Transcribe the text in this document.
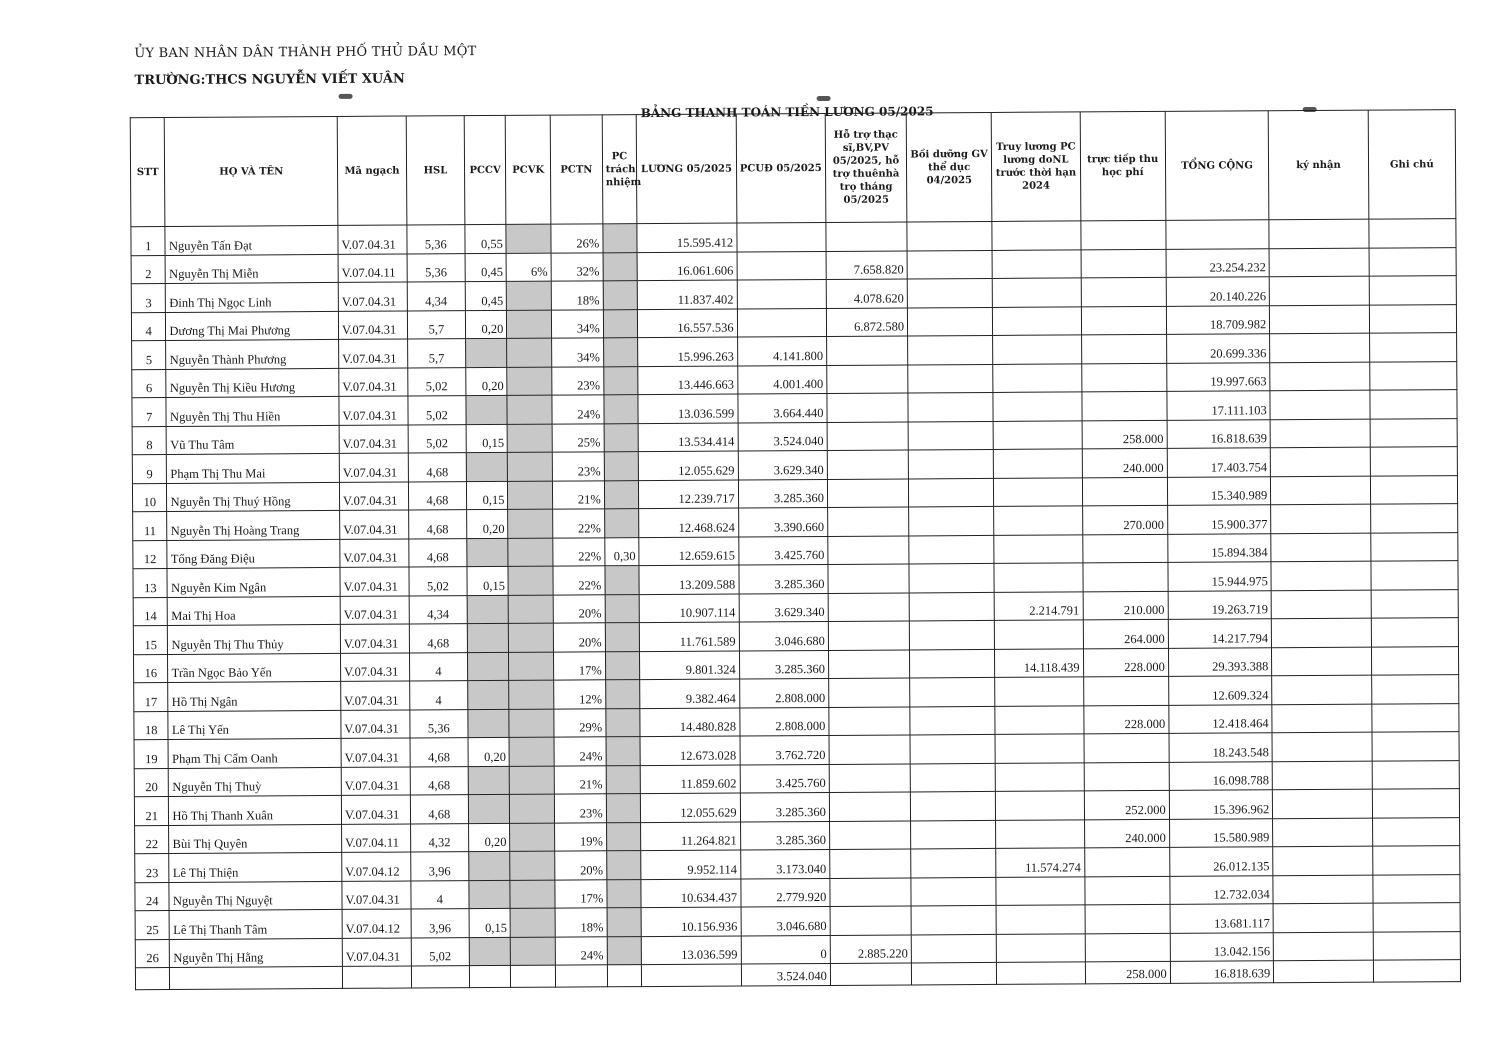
ỦY BAN NHÂN DÂN THÀNH PHỐ THỦ DẦU MỘT
TRƯỜNG:THCS NGUYỄN VIẾT XUÂN
BẢNG THANH TOÁN TIỀN LƯƠNG 05/2025
STT	HỌ VÀ TÊN	Mã ngạch	HSL	PCCV	PCVK	PCTN	PC trách nhiệm	LƯƠNG 05/2025	PCUĐ 05/2025	Hỗ trợ thạc sĩ,BV,PV 05/2025, hỗ trợ thuênhà trọ tháng 05/2025	Bồi dưỡng GV thể dục 04/2025	Truy lương PC lương doNL trước thời hạn 2024	trực tiếp thu học phí	TỔNG CỘNG	ký nhận	Ghi chú
1	Nguyễn Tấn Đạt	V.07.04.31	5,36	0,55		26%		15.595.412								
2	Nguyễn Thị Miễn	V.07.04.11	5,36	0,45	6%	32%		16.061.606		7.658.820				23.254.232		
3	Đinh Thị Ngọc Linh	V.07.04.31	4,34	0,45		18%		11.837.402		4.078.620				20.140.226		
4	Dương Thị Mai Phương	V.07.04.31	5,7	0,20		34%		16.557.536		6.872.580				18.709.982		
5	Nguyễn Thành Phương	V.07.04.31	5,7			34%		15.996.263	4.141.800					20.699.336		
6	Nguyễn Thị Kiều Hương	V.07.04.31	5,02	0,20		23%		13.446.663	4.001.400					19.997.663		
7	Nguyễn Thị Thu Hiền	V.07.04.31	5,02			24%		13.036.599	3.664.440					17.111.103		
8	Vũ Thu Tâm	V.07.04.31	5,02	0,15		25%		13.534.414	3.524.040				258.000	16.818.639		
9	Phạm Thị Thu Mai	V.07.04.31	4,68			23%		12.055.629	3.629.340				240.000	17.403.754		
10	Nguyễn Thị Thuý Hồng	V.07.04.31	4,68	0,15		21%		12.239.717	3.285.360					15.340.989		
11	Nguyễn Thị Hoàng Trang	V.07.04.31	4,68	0,20		22%		12.468.624	3.390.660				270.000	15.900.377		
12	Tống Đăng Điệu	V.07.04.31	4,68			22%	0,30	12.659.615	3.425.760					15.894.384		
13	Nguyễn Kim Ngân	V.07.04.31	5,02	0,15		22%		13.209.588	3.285.360					15.944.975		
14	Mai Thị Hoa	V.07.04.31	4,34			20%		10.907.114	3.629.340			2.214.791	210.000	19.263.719		
15	Nguyễn Thị Thu Thủy	V.07.04.31	4,68			20%		11.761.589	3.046.680				264.000	14.217.794		
16	Trần Ngọc Bảo Yến	V.07.04.31	4			17%		9.801.324	3.285.360			14.118.439	228.000	29.393.388		
17	Hồ Thị Ngân	V.07.04.31	4			12%		9.382.464	2.808.000					12.609.324		
18	Lê Thị Yến	V.07.04.31	5,36			29%		14.480.828	2.808.000				228.000	12.418.464		
19	Phạm Thị Cẩm Oanh	V.07.04.31	4,68	0,20		24%		12.673.028	3.762.720					18.243.548		
20	Nguyễn Thị Thuỳ	V.07.04.31	4,68			21%		11.859.602	3.425.760					16.098.788		
21	Hồ Thị Thanh Xuân	V.07.04.31	4,68			23%		12.055.629	3.285.360				252.000	15.396.962		
22	Bùi Thị Quyên	V.07.04.11	4,32	0,20		19%		11.264.821	3.285.360				240.000	15.580.989		
23	Lê Thị Thiện	V.07.04.12	3,96			20%		9.952.114	3.173.040			11.574.274		26.012.135		
24	Nguyễn Thị Nguyệt	V.07.04.31	4			17%		10.634.437	2.779.920					12.732.034		
25	Lê Thị Thanh Tâm	V.07.04.12	3,96	0,15		18%		10.156.936	3.046.680					13.681.117		
26	Nguyễn Thị Hằng	V.07.04.31	5,02			24%		13.036.599	0	2.885.220				13.042.156		
									3.524.040				258.000	16.818.639		
